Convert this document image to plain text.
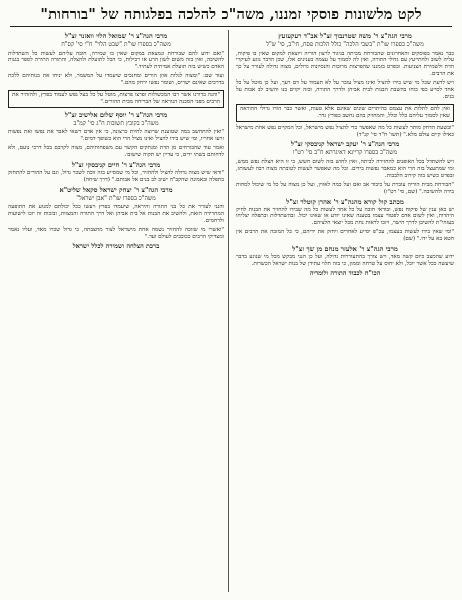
לקט מלשונות פוסקי זמננו, משה"כ להלכה בפלגותה של "בורחות"
מרבי הגה"צ ר' משה שטרנבוך זצ"ל אב"ד רעקעזעץ
משה"כ בספרו שו"ת "בשבי הלכה" כולל הלכות פסח, חי"ב, סי' ש"ל

כבר נאמר בפוסקים והאחרונים שהבורחת מביתה בניגוד לרצון הוריה ויוצאת למקום שאין בו פיקוח, עליה לשוב ולהתייעץ עם גדולי התורה, ואין לה לסמוך על עצמה בענינים אלו, שכן הדבר נוגע לעיקרי הדת ולשמירת הצניעות. ובפרט בזמננו שהפרצות מרובות והנסיונות גדולים, מצוה גדולה לעורר על כך את הרבים.

ויש לדעת שכל מי שיש בידו להציל ואינו מציל עובר על לא תעמוד על דם רעך, ועל כן מוטל על כל אחד לסייע כפי כוחו בהשבת הבנות לבית אביהן ולדרך התורה, ובזה יקוים בנו והשיב לב אבות על בנים.

ואין להם לתלות את עצמם בהיתרים שונים שאינם אלא טעות, ואשר כבר הורו גדולי ההוראה שאין לסמוך עליהם כלל וכלל, והמחזיק בהם נחשב כפורץ גדר.

"ובשעת הדחק מותר לעשות כל מה שאפשר כדי להציל נפש מישראל, וכל המקיים נפש אחת מישראל כאילו קיים עולם מלא." (תשו' ח"ד סי' קנ"ד)

מרבי הגה"צ ר' יעקב ישראל קניבסקי זצ"ל
משה"כ בספרו קריינא דאיגרתא ח"ב סי' רט"ו

ויש להשתדל בכל האופנים להחזירה לביתה, ואין לחוש בזה לשום חשש, כי זו היא הצלת נפש ממש, ומי שמתעצל בזה הרי הוא כמאבד נפשות בידים. וכל מה שאפשר לעשות לטובתה מצוה רבה לעשותו, ובפרט כשיש בזה קירוב הלבבות.

"הבורחת מבית הוריה עוברת על כיבוד אב ואם ועל כמה לאווין, ועל כן מצוה על כל מי שיכול למחות בידה ולהשיבה." (שם, סי' רט"ז)

מכתב קול קורא מהגה"צ ר' אהרן קוטלר זצ"ל

יש כאן ענין של פיקוח נפש, ובודאי חובה על כל אחד לעשות כל מה שבידו להחזיר את הבנות לחיק היהדות, ואין לשום אדם לפטור עצמו בטענה שאינו יודע או שאינו יכול. ובהשתדלות ובתפלה יצליחו בעזהי"ת להשיבן לדרך הישר, ויזכו לראות נחת מכל יוצאי חלציהם.

"ומי שאין בידו לעשות בעצמו, עכ"פ יסייע לאחרים ויחזק את ידיהם, כי כל המזכה את הרבים אין חטא בא על ידו." (שם)

מרבי הגה"צ ר' אלעזר מנחם מן שך זצ"ל

ידוע שהמצב כיום קשה מאד, ויש צורך בהתעוררות גדולה, ועל כן הנני מבקש מכל מי שנוגע בדבר שיעשה ככל אשר יוכל, ולא יחוס על טרחה וממון, כי בזה תלוי עתידן של בנות ישראל הכשרות.

הכו"ח לכבוד התורה ולומדיה
מרבי הגה"צ ר' שמואל הלוי וואזנר זצ"ל
משה"כ בספרו שו"ת "שבט הלוי" ח"י סי' קס"ח

"ואם ידוע להם שבורחת ונמצאת במקום שאין בו שמירה, חובה עליהם לעשות כל השתדלות להשיבה, ואין בזה משום לשון הרע או רכילות, כי הכל לתועלת ולהצלה, והתורה התירה לספר בגנות האדם כשיש בזה תועלת אמיתית לעתיד."

ועוד שם: "ומצוה לגלות אוזן הורים ומחנכים שיעמדו על המשמר, ולא יניחו את בנותיהם ללכת בדרכים שאינם ישרים, ושומר נפשו ירחק מהם."

"והנה בדורנו אשר רבו המכשולות ופרצו פרצות, מוטל על כל בעל נפש לעמוד בפרץ, ולהזהיר את הרבים מפני הסכנה הנוראה של הבריחה מבית ההורים."

מרבי הגה"צ ר' יוסף שלום אלישיב זצ"ל
משה"כ בקובץ תשובות ח"ג סי' קמ"ב

"ואין להתחשב במה שטוענת שרוצה לחיות כרצונה, כי אין אדם רשאי לאבד את נפשו ואת נפשות זרעו אחריו, ומי שיש בידו להציל ואינו מציל הרי הוא כשופך דמים."

ואמר עוד שהבורחים מן הדת ומנתקים הקשר עם משפחותיהם, מצוה לקרבם בכל דרכי נועם, ולא לדחותם בשתי ידים, כי עדיין יש תקוה שישובו.

מרבי הגה"צ ר' חיים קניבסקי זצ"ל

"ודאי שיש מצוה גדולה להציל ולהחזיר, וכל מי שמסייע בזה זוכה לשכר גדול, וגם על ההורים להתחזק בתפלה ובאמונה שהקב"ה ישיב לב בנים אל אבותם." (דרך שיחה)

מרבי הגה"צ ר' יצחק ישראל סקאל שליט"א
משה"כ בספרו שו"ת "אבן ישראל"

והנני לעורר את כל בני התורה והיראה, שיעמדו בפרץ ויעשו ככל יכולתם למנוע את התופעה המחרידה הזאת, ולהשיב את הבנות אל בית אביהן ואל דרך התורה והמצוות, ובזכות זה יזכו לישועות ולרחמים.

"ואשרי מי שזוכה להחזיר נשמה אחת מישראל לצור מחצבתה, כי גדול שכרו מאד, ועליו נאמר ומצדיקי הרבים ככוכבים לעולם ועד."

ברכת הצלחה ושמירה לכלל ישראל
